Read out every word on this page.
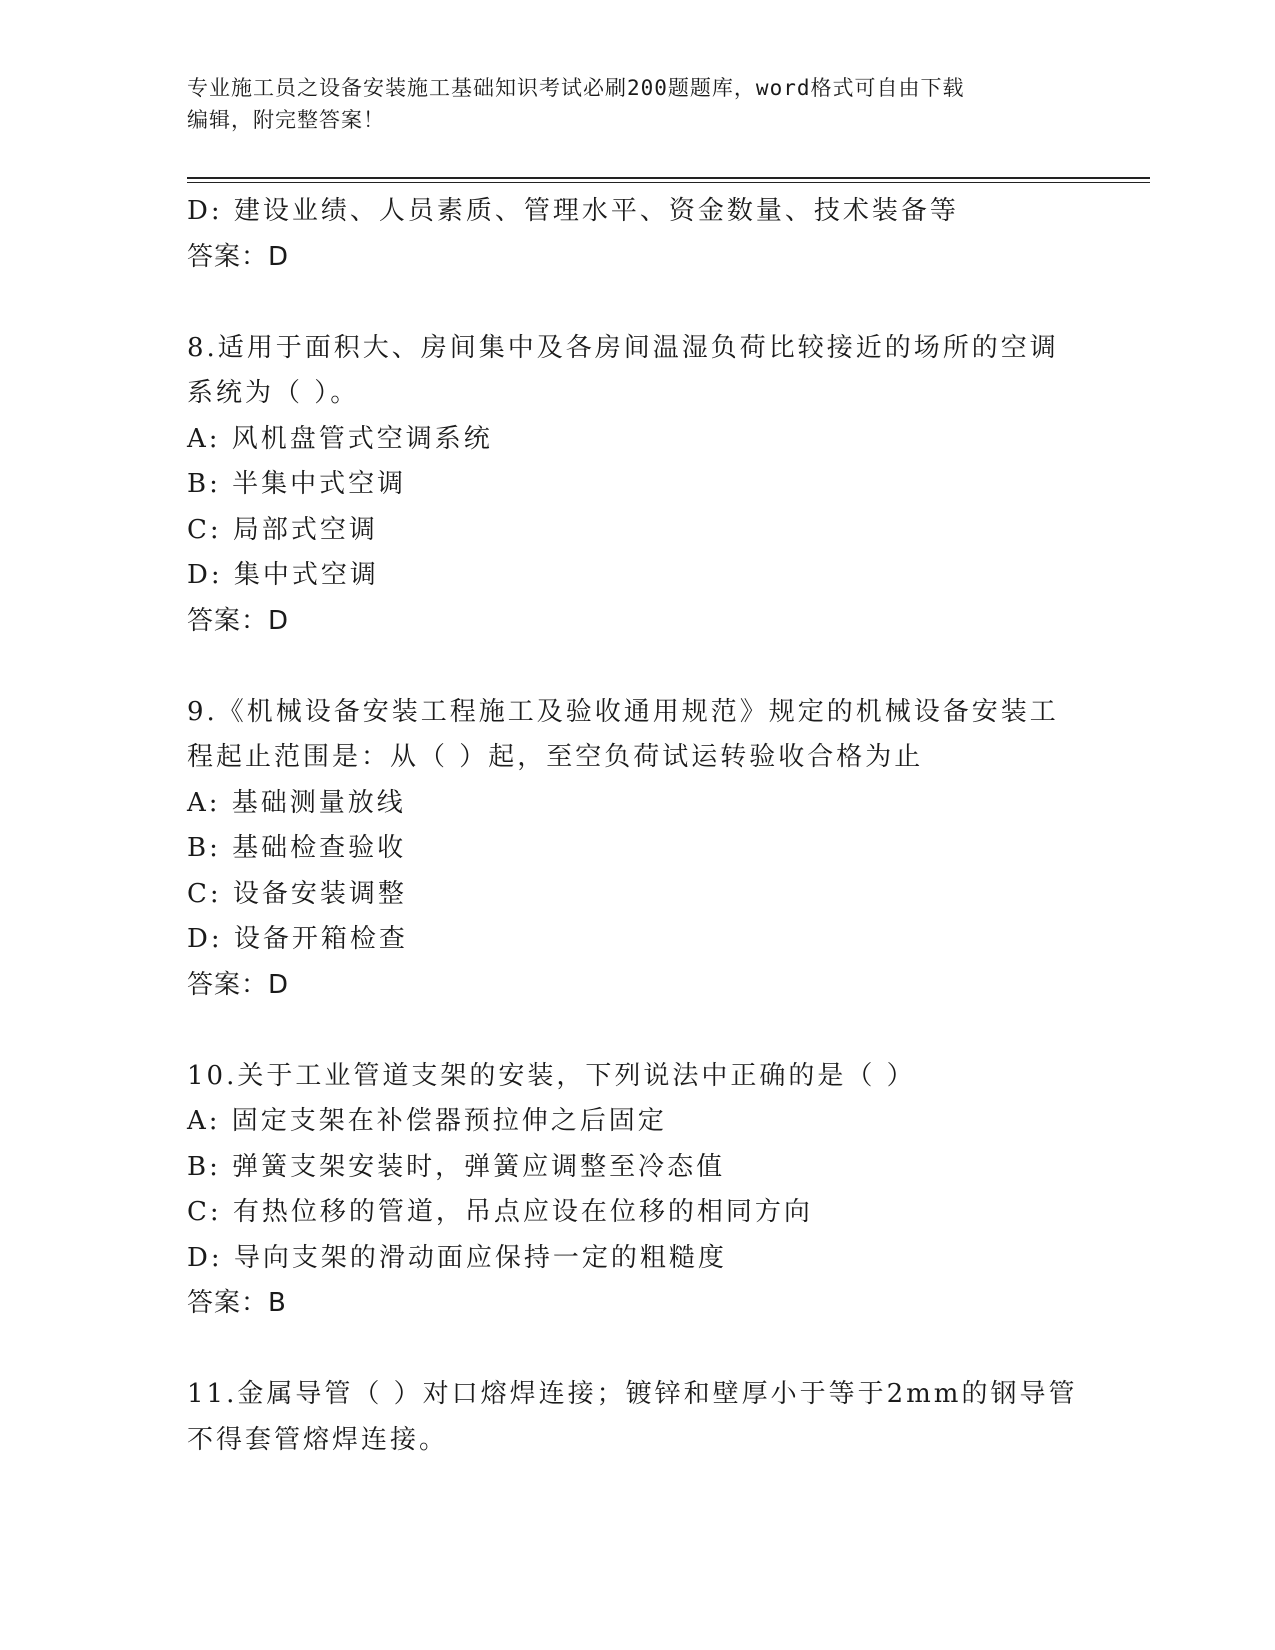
专业施工员之设备安装施工基础知识考试必刷200题题库，word格式可自由下载
编辑，附完整答案！
D: 建设业绩、人员素质、管理水平、资金数量、技术装备等
答案：D
8.适用于面积大、房间集中及各房间温湿负荷比较接近的场所的空调
系统为（ ）。
A: 风机盘管式空调系统
B: 半集中式空调
C: 局部式空调
D: 集中式空调
答案：D
9.《机械设备安装工程施工及验收通用规范》规定的机械设备安装工
程起止范围是：从（ ）起，至空负荷试运转验收合格为止
A: 基础测量放线
B: 基础检查验收
C: 设备安装调整
D: 设备开箱检查
答案：D
10.关于工业管道支架的安装，下列说法中正确的是（ ）
A: 固定支架在补偿器预拉伸之后固定
B: 弹簧支架安装时，弹簧应调整至冷态值
C: 有热位移的管道，吊点应设在位移的相同方向
D: 导向支架的滑动面应保持一定的粗糙度
答案：B
11.金属导管（ ）对口熔焊连接；镀锌和壁厚小于等于2mm的钢导管
不得套管熔焊连接。
